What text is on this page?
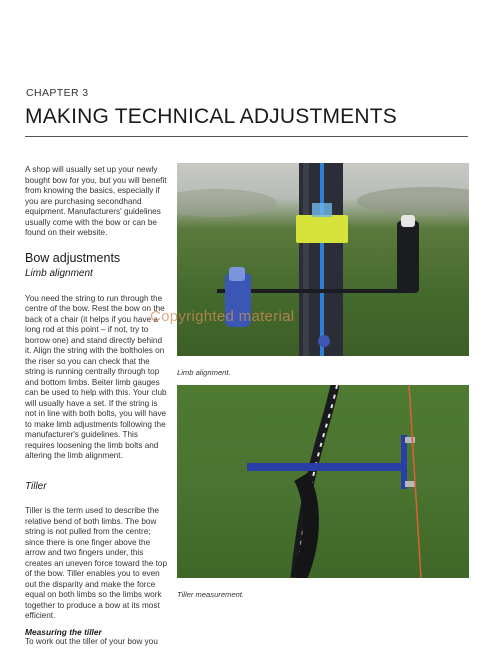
CHAPTER 3
MAKING TECHNICAL ADJUSTMENTS

A shop will usually set up your newly bought bow for you, but you will benefit from knowing the basics, especially if you are purchasing secondhand equipment. Manufacturers' guidelines usually come with the bow or can be found on their website.

Bow adjustments

Limb alignment

You need the string to run through the centre of the bow. Rest the bow on the back of a chair (it helps if you have a long rod at this point – if not, try to borrow one) and stand directly behind it. Align the string with the boltholes on the riser so you can check that the string is running centrally through top and bottom limbs. Beiter limb gauges can be used to help with this. Your club will usually have a set. If the string is not in line with both bolts, you will have to make limb adjustments following the manufacturer's guidelines. This requires loosening the limb bolts and altering the limb alignment.

Tiller

Tiller is the term used to describe the relative bend of both limbs. The bow string is not pulled from the centre; since there is one finger above the arrow and two fingers under, this creates an uneven force toward the top of the bow. Tiller enables you to even out the disparity and make the force equal on both limbs so the limbs work together to produce a bow at its most efficient.

Measuring the tiller

To work out the tiller of your bow you

Limb alignment.
Tiller measurement.
Copyrighted material
